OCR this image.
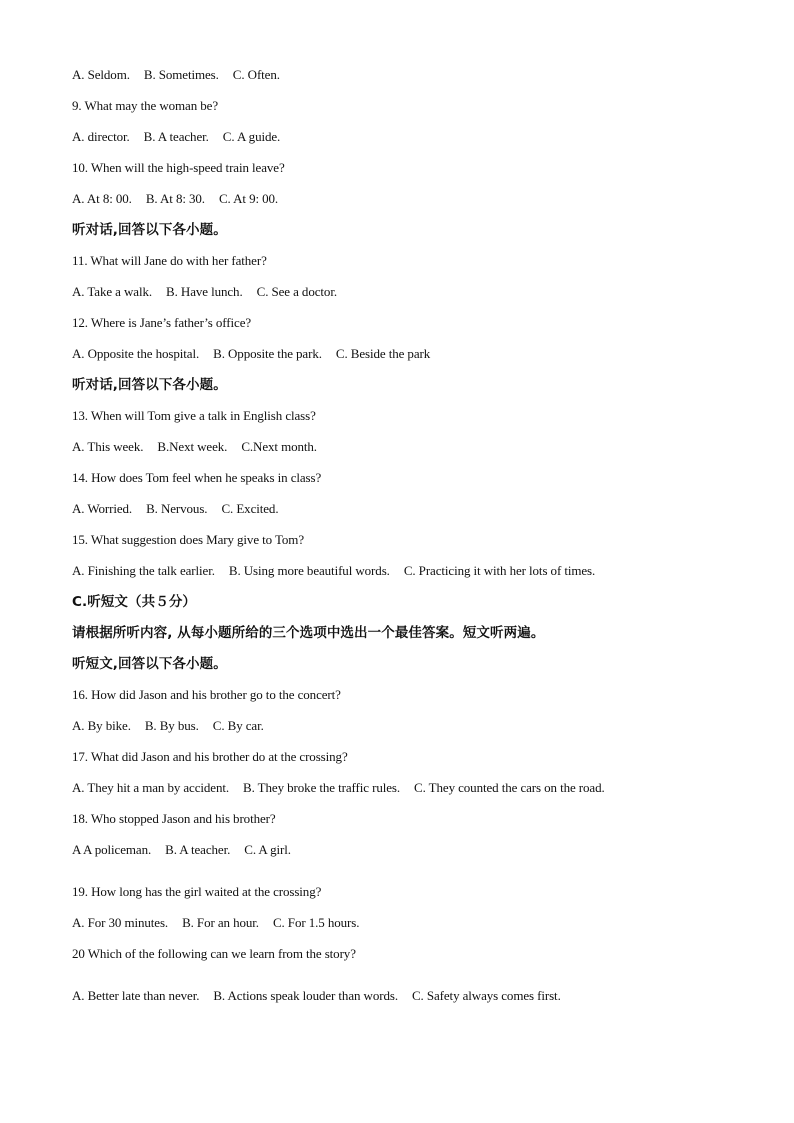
A. Seldom. B. Sometimes. C. Often.
9. What may the woman be?
A. director. B. A teacher. C. A guide.
10. When will the high-speed train leave?
A. At 8: 00. B. At 8: 30. C. At 9: 00.
听对话,回答以下各小题。
11. What will Jane do with her father?
A. Take a walk. B. Have lunch. C. See a doctor.
12. Where is Jane’s father’s office?
A. Opposite the hospital. B. Opposite the park. C. Beside the park
听对话,回答以下各小题。
13. When will Tom give a talk in English class?
A. This week. B.Next week. C.Next month.
14. How does Tom feel when he speaks in class?
A. Worried. B. Nervous. C. Excited.
15. What suggestion does Mary give to Tom?
A. Finishing the talk earlier. B. Using more beautiful words. C. Practicing it with her lots of times.
C.听短文（共５分）
请根据所听内容, 从每小题所给的三个选项中选出一个最佳答案。短文听两遍。
听短文,回答以下各小题。
16. How did Jason and his brother go to the concert?
A. By bike. B. By bus. C. By car.
17. What did Jason and his brother do at the crossing?
A. They hit a man by accident. B. They broke the traffic rules. C. They counted the cars on the road.
18. Who stopped Jason and his brother?
A A policeman. B. A teacher. C. A girl.
19. How long has the girl waited at the crossing?
A. For 30 minutes. B. For an hour. C. For 1.5 hours.
20 Which of the following can we learn from the story?
A. Better late than never. B. Actions speak louder than words. C. Safety always comes first.
